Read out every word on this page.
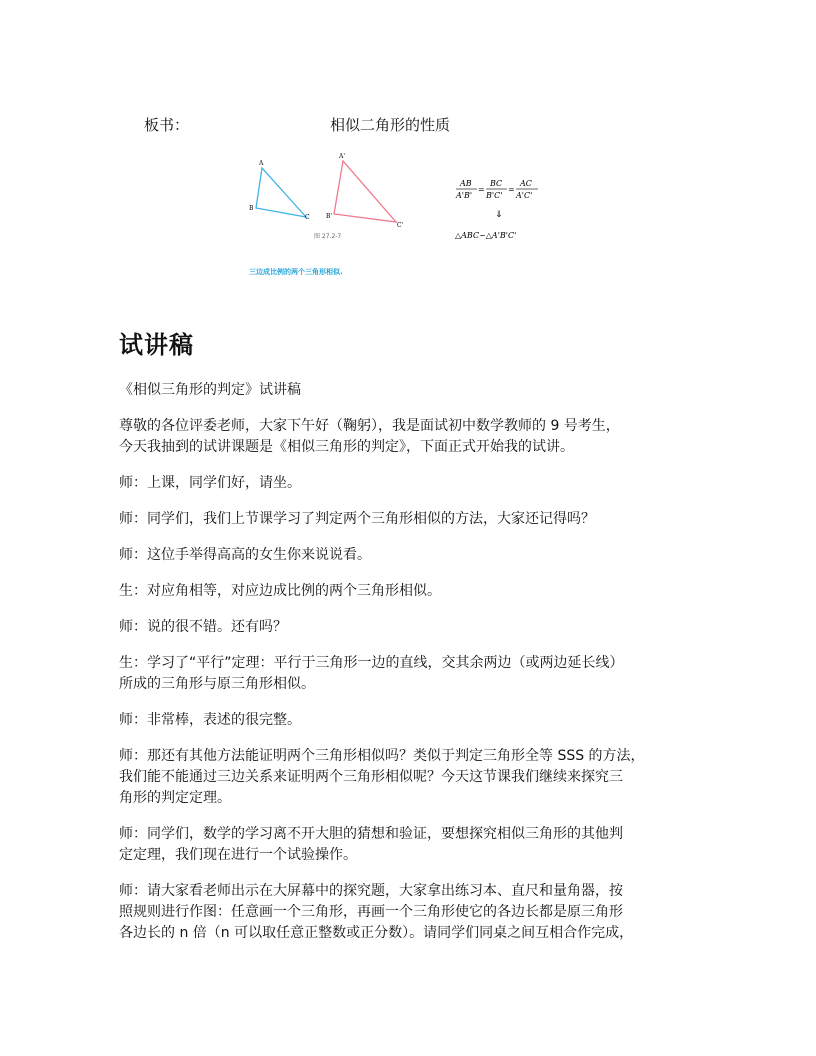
板书：	相似二角形的性质
A
B
C
A'
B'
C'
图 27.2-7
AB
A'B'
=
BC
B'C'
=
AC
A'C'
⇓
△ABC∽△A'B'C'
三边成比例的两个三角形相似.
试讲稿

《相似三角形的判定》试讲稿

尊敬的各位评委老师，大家下午好（鞠躬），我是面试初中数学教师的 9 号考生，
今天我抽到的试讲课题是《相似三角形的判定》，下面正式开始我的试讲。

师：上课，同学们好，请坐。

师：同学们，我们上节课学习了判定两个三角形相似的方法，大家还记得吗？

师：这位手举得高高的女生你来说说看。

生：对应角相等，对应边成比例的两个三角形相似。

师：说的很不错。还有吗？

生：学习了“平行”定理：平行于三角形一边的直线，交其余两边（或两边延长线）
所成的三角形与原三角形相似。

师：非常棒，表述的很完整。

师：那还有其他方法能证明两个三角形相似吗？类似于判定三角形全等 SSS 的方法，
我们能不能通过三边关系来证明两个三角形相似呢？今天这节课我们继续来探究三
角形的判定定理。

师：同学们，数学的学习离不开大胆的猜想和验证，要想探究相似三角形的其他判
定定理，我们现在进行一个试验操作。

师：请大家看老师出示在大屏幕中的探究题，大家拿出练习本、直尺和量角器，按
照规则进行作图：任意画一个三角形，再画一个三角形使它的各边长都是原三角形
各边长的 n 倍（n 可以取任意正整数或正分数）。请同学们同桌之间互相合作完成，
